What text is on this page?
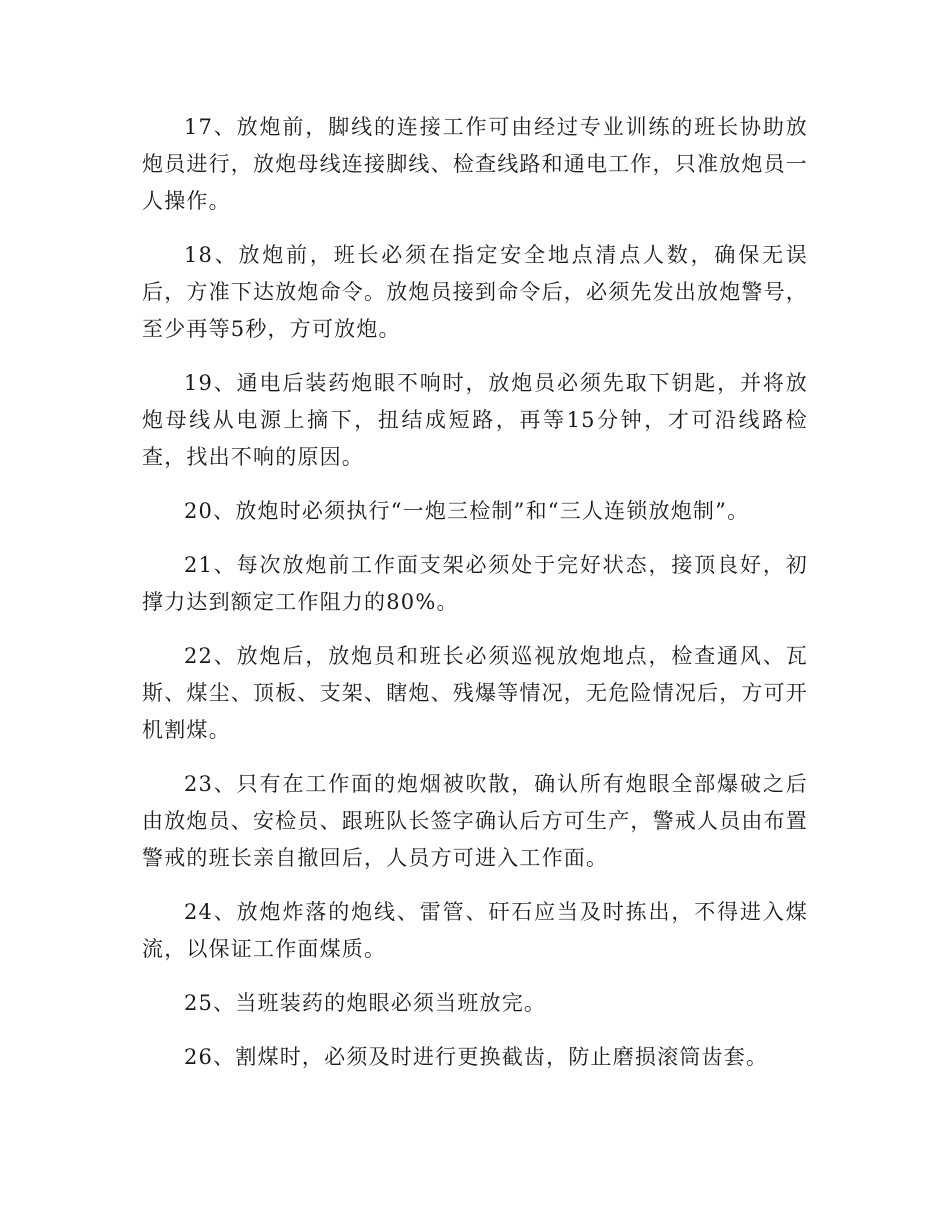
17、放炮前，脚线的连接工作可由经过专业训练的班长协助放炮员进行，放炮母线连接脚线、检查线路和通电工作，只准放炮员一人操作。

18、放炮前，班长必须在指定安全地点清点人数，确保无误后，方准下达放炮命令。放炮员接到命令后，必须先发出放炮警号，至少再等5秒，方可放炮。

19、通电后装药炮眼不响时，放炮员必须先取下钥匙，并将放炮母线从电源上摘下，扭结成短路，再等15分钟，才可沿线路检查，找出不响的原因。

20、放炮时必须执行“一炮三检制”和“三人连锁放炮制”。

21、每次放炮前工作面支架必须处于完好状态，接顶良好，初撑力达到额定工作阻力的80%。

22、放炮后，放炮员和班长必须巡视放炮地点，检查通风、瓦斯、煤尘、顶板、支架、瞎炮、残爆等情况，无危险情况后，方可开机割煤。

23、只有在工作面的炮烟被吹散，确认所有炮眼全部爆破之后由放炮员、安检员、跟班队长签字确认后方可生产，警戒人员由布置警戒的班长亲自撤回后，人员方可进入工作面。

24、放炮炸落的炮线、雷管、矸石应当及时拣出，不得进入煤流，以保证工作面煤质。

25、当班装药的炮眼必须当班放完。

26、割煤时，必须及时进行更换截齿，防止磨损滚筒齿套。
